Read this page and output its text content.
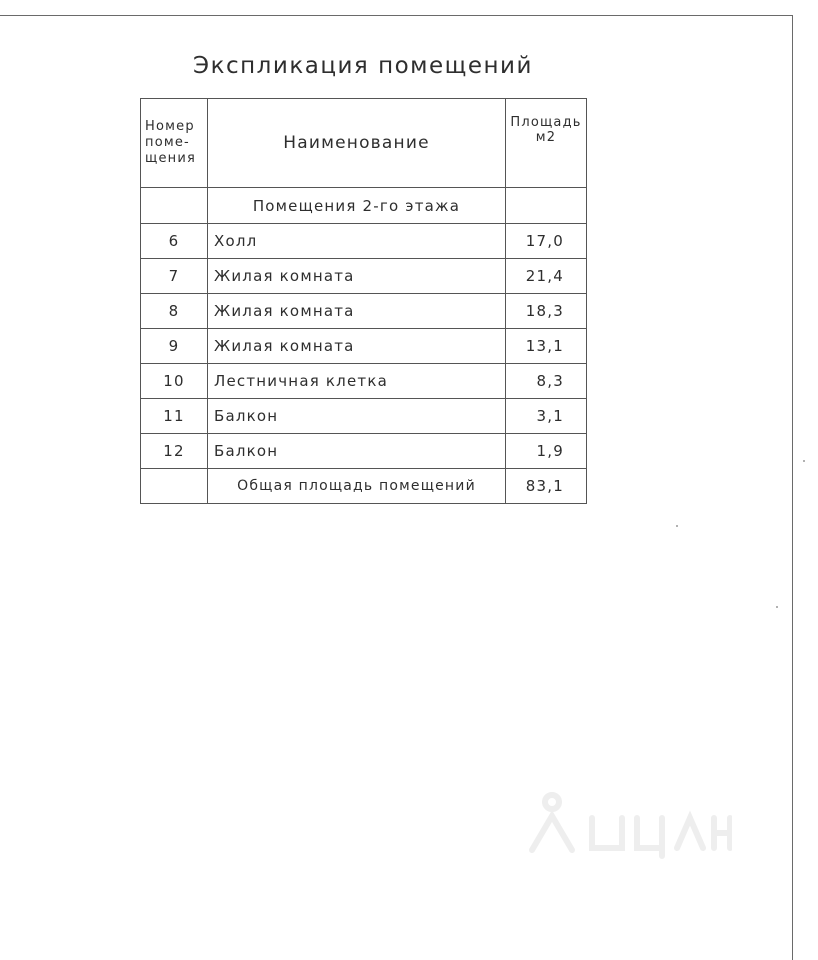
Экспликация помещений
Номер поме- щения	Наименование	Площадь м2
	Помещения 2-го этажа	
6	Холл	17,0
7	Жилая комната	21,4
8	Жилая комната	18,3
9	Жилая комната	13,1
10	Лестничная клетка	8,3
11	Балкон	3,1
12	Балкон	1,9
	Общая площадь помещений	83,1
